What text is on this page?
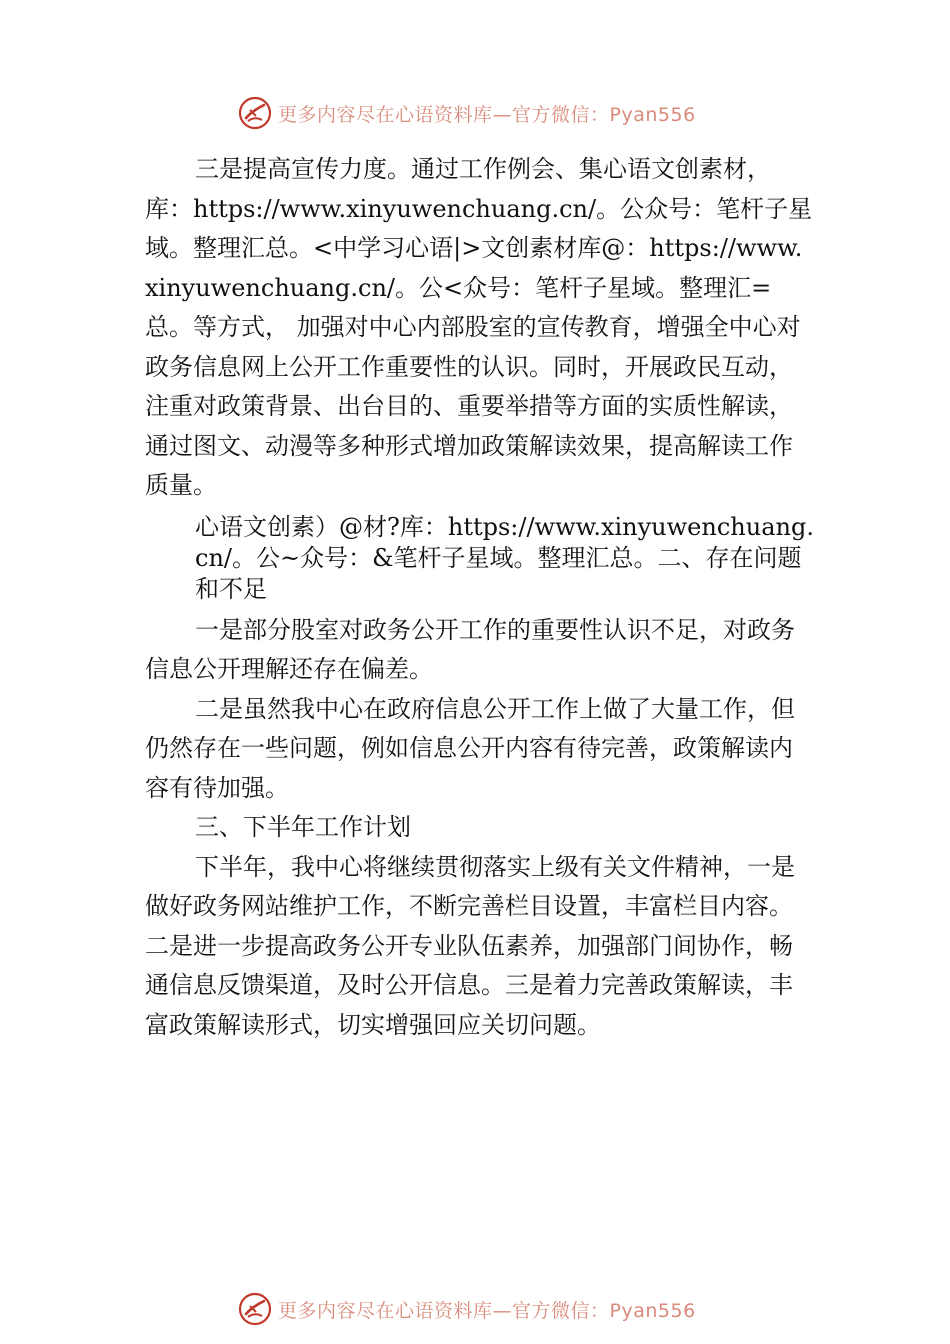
更多内容尽在心语资料库—官方微信：Pyan556

三是提高宣传力度。通过工作例会、集心语文创素材，库：https://www.xinyuwenchuang.cn/。公众号：笔杆子星域。整理汇总。<中学习心语|>文创素材库@：https://www.xinyuwenchuang.cn/。公<众号：笔杆子星域。整理汇=总。等方式， 加强对中心内部股室的宣传教育，增强全中心对政务信息网上公开工作重要性的认识。同时，开展政民互动，注重对政策背景、出台目的、重要举措等方面的实质性解读，通过图文、动漫等多种形式增加政策解读效果，提高解读工作质量。

心语文创素）@材?库：https://www.xinyuwenchuang.cn/。公~众号：&笔杆子星域。整理汇总。二、存在问题和不足

一是部分股室对政务公开工作的重要性认识不足，对政务信息公开理解还存在偏差。

二是虽然我中心在政府信息公开工作上做了大量工作，但仍然存在一些问题，例如信息公开内容有待完善，政策解读内容有待加强。

三、下半年工作计划

下半年，我中心将继续贯彻落实上级有关文件精神，一是做好政务网站维护工作，不断完善栏目设置，丰富栏目内容。二是进一步提高政务公开专业队伍素养，加强部门间协作，畅通信息反馈渠道，及时公开信息。三是着力完善政策解读，丰富政策解读形式，切实增强回应关切问题。

更多内容尽在心语资料库—官方微信：Pyan556
